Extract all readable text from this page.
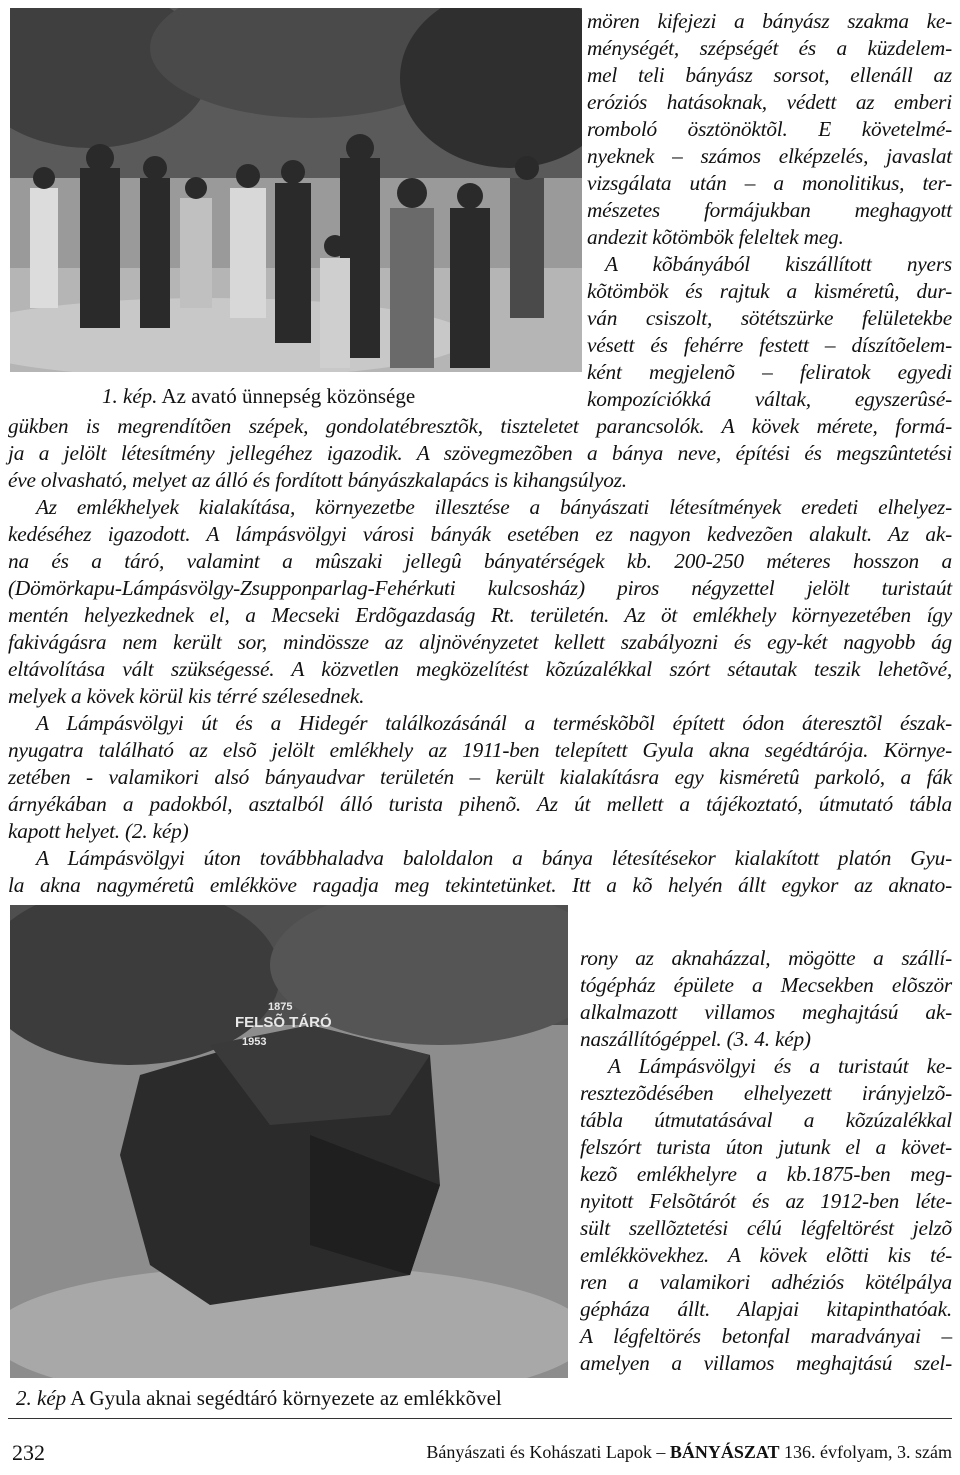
1. kép. Az avató ünnepség közönsége
mören kifejezi a bányász szakma ke-
ménységét, szépségét és a küzdelem-
mel teli bányász sorsot, ellenáll az
eróziós hatásoknak, védett az emberi
romboló ösztönöktõl. E követelmé-
nyeknek – számos elképzelés, javaslat
vizsgálata után – a monolitikus, ter-
mészetes formájukban meghagyott
andezit kõtömbök feleltek meg.
A kõbányából kiszállított nyers
kõtömbök és rajtuk a kisméretû, dur-
ván csiszolt, sötétszürke felületekbe
vésett és fehérre festett – díszítõelem-
ként megjelenõ – feliratok egyedi
kompozíciókká váltak, egyszerûsé-
gükben is megrendítõen szépek, gondolatébresztõk, tiszteletet parancsolók. A kövek mérete, formá-
ja a jelölt létesítmény jellegéhez igazodik. A szövegmezõben a bánya neve, építési és megszûntetési
éve olvasható, melyet az álló és fordított bányászkalapács is kihangsúlyoz.
Az emlékhelyek kialakítása, környezetbe illesztése a bányászati létesítmények eredeti elhelyez-
kedéséhez igazodott. A lámpásvölgyi városi bányák esetében ez nagyon kedvezõen alakult. Az ak-
na és a táró, valamint a mûszaki jellegû bányatérségek kb. 200-250 méteres hosszon a
(Dömörkapu-Lámpásvölgy-Zsupponparlag-Fehérkuti kulcsosház) piros négyzettel jelölt turistaút
mentén helyezkednek el, a Mecseki Erdõgazdaság Rt. területén. Az öt emlékhely környezetében így
fakivágásra nem került sor, mindössze az aljnövényzetet kellett szabályozni és egy-két nagyobb ág
eltávolítása vált szükségessé. A közvetlen megközelítést kõzúzalékkal szórt sétautak teszik lehetõvé,
melyek a kövek körül kis térré szélesednek.
A Lámpásvölgyi út és a Hidegér találkozásánál a terméskõbõl épített ódon áteresztõl észak-
nyugatra található az elsõ jelölt emlékhely az 1911-ben telepített Gyula akna segédtárója. Környe-
zetében - valamikori alsó bányaudvar területén – került kialakításra egy kisméretû parkoló, a fák
árnyékában a padokból, asztalból álló turista pihenõ. Az út mellett a tájékoztató, útmutató tábla
kapott helyet. (2. kép)
A Lámpásvölgyi úton továbbhaladva baloldalon a bánya létesítésekor kialakított platón Gyu-
la akna nagyméretû emlékköve ragadja meg tekintetünket. Itt a kõ helyén állt egykor az aknato-
1875
FELSÕ TÁRÓ
1953
2. kép A Gyula aknai segédtáró környezete az emlékkõvel
rony az aknaházzal, mögötte a szállí-
tógépház épülete a Mecsekben elõször
alkalmazott villamos meghajtású ak-
naszállítógéppel. (3. 4. kép)
A Lámpásvölgyi és a turistaút ke-
resztezõdésében elhelyezett irányjelzõ-
tábla útmutatásával a kõzúzalékkal
felszórt turista úton jutunk el a követ-
kezõ emlékhelyre a kb.1875-ben meg-
nyitott Felsõtárót és az 1912-ben léte-
sült szellõztetési célú légfeltörést jelzõ
emlékkövekhez. A kövek elõtti kis té-
ren a valamikori adhéziós kötélpálya
gépháza állt. Alapjai kitapinthatóak.
A légfeltörés betonfal maradványai –
amelyen a villamos meghajtású szel-
232	Bányászati és Kohászati Lapok – BÁNYÁSZAT 136. évfolyam, 3. szám
